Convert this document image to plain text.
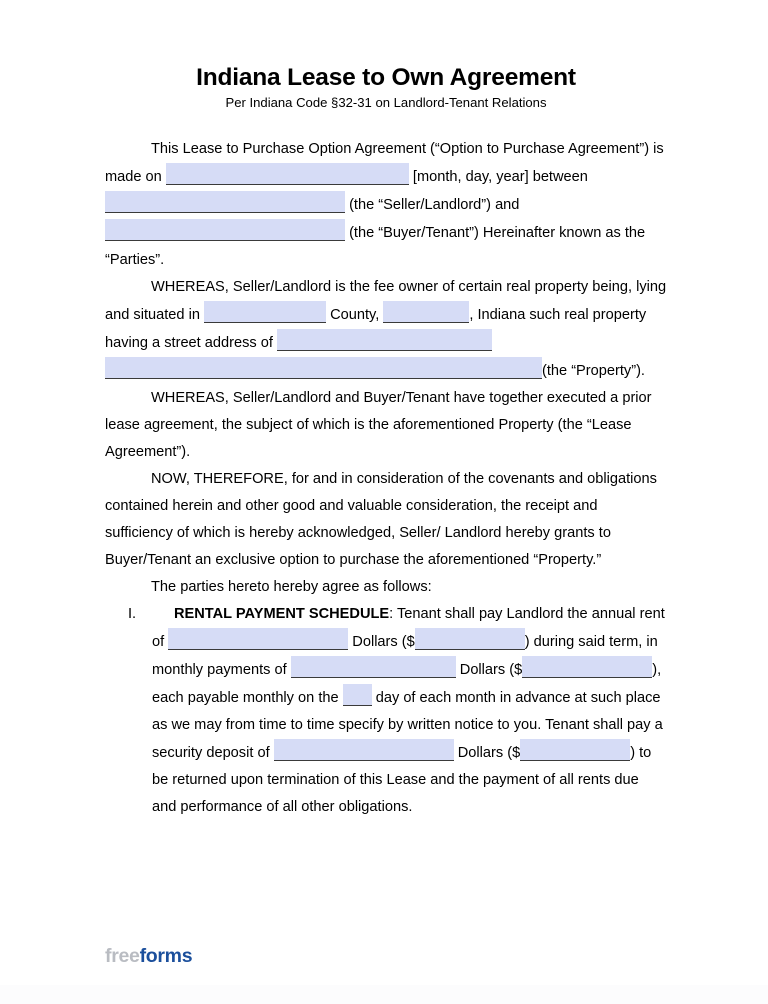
Indiana Lease to Own Agreement
Per Indiana Code §32-31 on Landlord-Tenant Relations

This Lease to Purchase Option Agreement (“Option to Purchase Agreement”) is made on	[month, day, year] between  (the “Seller/Landlord”) and  (the “Buyer/Tenant”) Hereinafter known as the “Parties”.

WHEREAS, Seller/Landlord is the fee owner of certain real property being, lying and situated in	County,	, Indiana such real property having a street address of  (the “Property”).

WHEREAS, Seller/Landlord and Buyer/Tenant have together executed a prior lease agreement, the subject of which is the aforementioned Property (the “Lease Agreement”).

NOW, THEREFORE, for and in consideration of the covenants and obligations contained herein and other good and valuable consideration, the receipt and sufficiency of which is hereby acknowledged, Seller/ Landlord hereby grants to Buyer/Tenant an exclusive option to purchase the aforementioned “Property.”

The parties hereto hereby agree as follows:

I.	RENTAL PAYMENT SCHEDULE: Tenant shall pay Landlord the annual rent of	Dollars ($	) during said term, in monthly payments of	Dollars ($	), each payable monthly on the	day of each month in advance at such place as we may from time to time specify by written notice to you. Tenant shall pay a security deposit of	Dollars ($	) to be returned upon termination of this Lease and the payment of all rents due and performance of all other obligations.
freeforms
